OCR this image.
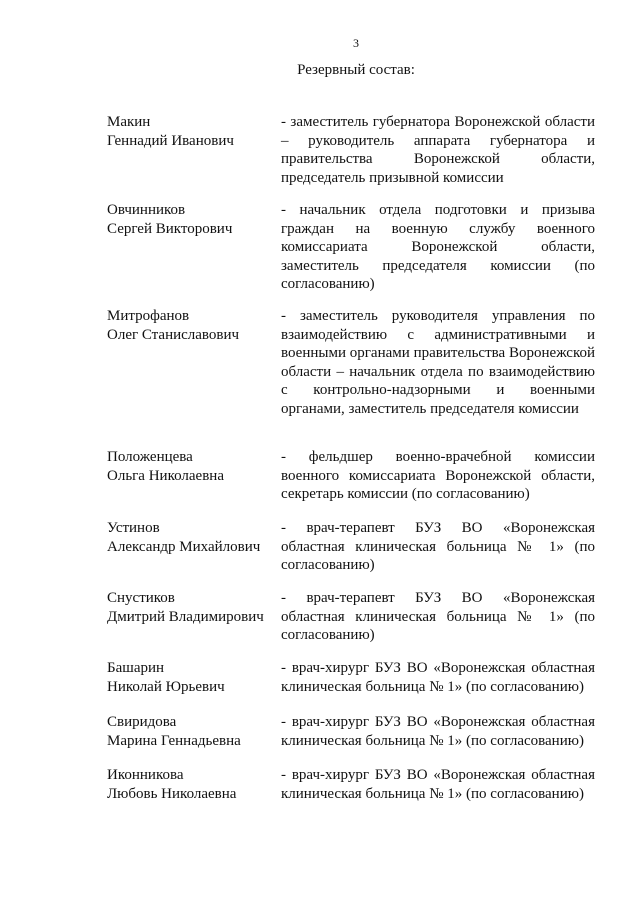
3
Резервный состав:
Макин
Геннадий Иванович
- заместитель губернатора Воронежской области – руководитель аппарата губернатора и правительства Воронежской области, председатель призывной комиссии
Овчинников
Сергей Викторович
- начальник отдела подготовки и призыва граждан на военную службу военного комиссариата Воронежской области, заместитель председателя комиссии (по согласованию)
Митрофанов
Олег Станиславович
- заместитель руководителя управления по взаимодействию с административными и военными органами правительства Воронежской области – начальник отдела по взаимодействию с контрольно-надзорными и военными органами, заместитель председателя комиссии
Положенцева
Ольга Николаевна
- фельдшер военно-врачебной комиссии военного комиссариата Воронежской области, секретарь комиссии (по согласованию)
Устинов
Александр Михайлович
- врач-терапевт БУЗ ВО «Воронежская областная клиническая больница № 1» (по согласованию)
Снустиков
Дмитрий Владимирович
- врач-терапевт БУЗ ВО «Воронежская областная клиническая больница № 1» (по согласованию)
Башарин
Николай Юрьевич
- врач-хирург БУЗ ВО «Воронежская областная клиническая больница № 1» (по согласованию)
Свиридова
Марина Геннадьевна
- врач-хирург БУЗ ВО «Воронежская областная клиническая больница № 1» (по согласованию)
Иконникова
Любовь Николаевна
- врач-хирург БУЗ ВО «Воронежская областная клиническая больница № 1» (по согласованию)
